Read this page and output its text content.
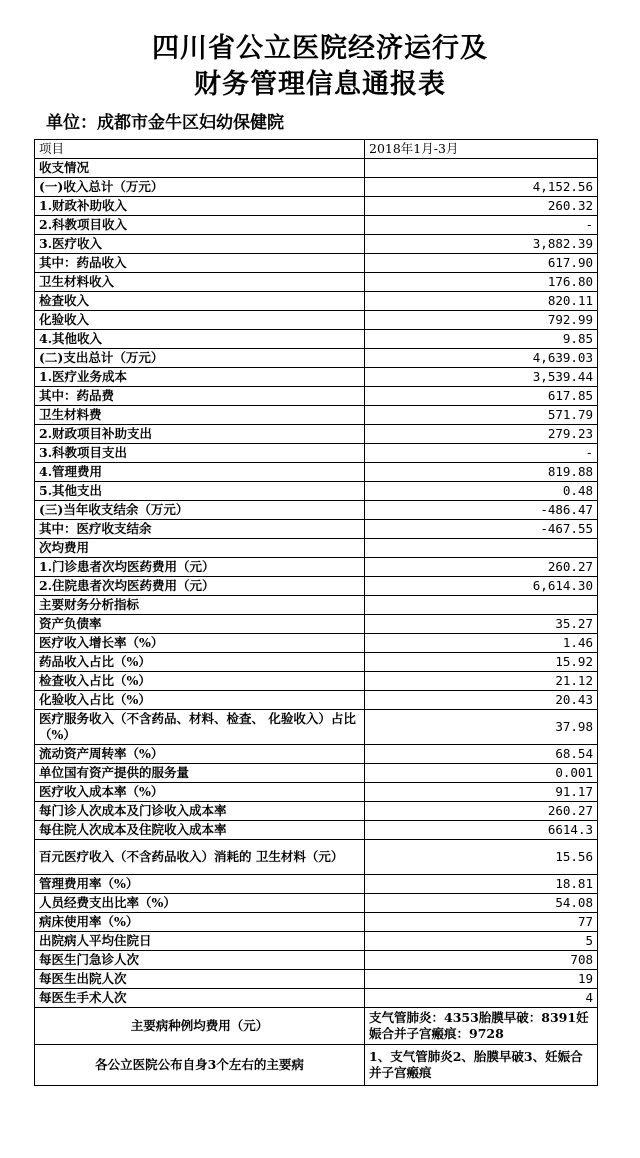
四川省公立医院经济运行及
财务管理信息通报表
单位：成都市金牛区妇幼保健院
项目	2018年1月-3月
收支情况	
(一)收入总计（万元）	4,152.56
1.财政补助收入	260.32
2.科教项目收入	-
3.医疗收入	3,882.39
其中：药品收入	617.90
卫生材料收入	176.80
检查收入	820.11
化验收入	792.99
4.其他收入	9.85
(二)支出总计（万元）	4,639.03
1.医疗业务成本	3,539.44
其中：药品费	617.85
卫生材料费	571.79
2.财政项目补助支出	279.23
3.科教项目支出	-
4.管理费用	819.88
5.其他支出	0.48
(三)当年收支结余（万元）	-486.47
其中：医疗收支结余	-467.55
次均费用	
1.门诊患者次均医药费用（元）	260.27
2.住院患者次均医药费用（元）	6,614.30
主要财务分析指标	
资产负债率	35.27
医疗收入增长率（%）	1.46
药品收入占比（%）	15.92
检查收入占比（%）	21.12
化验收入占比（%）	20.43
医疗服务收入（不含药品、材料、检查、 化验收入）占比（%）	37.98
流动资产周转率（%）	68.54
单位国有资产提供的服务量	0.001
医疗收入成本率（%）	91.17
每门诊人次成本及门诊收入成本率	260.27
每住院人次成本及住院收入成本率	6614.3
百元医疗收入（不含药品收入）消耗的 卫生材料（元）	15.56
管理费用率（%）	18.81
人员经费支出比率（%）	54.08
病床使用率（%）	77
出院病人平均住院日	5
每医生门急诊人次	708
每医生出院人次	19
每医生手术人次	4
主要病种例均费用（元）	支气管肺炎：4353胎膜早破：8391妊娠合并子宫瘢痕：9728
各公立医院公布自身3个左右的主要病	1、支气管肺炎2、胎膜早破3、妊娠合并子宫瘢痕
